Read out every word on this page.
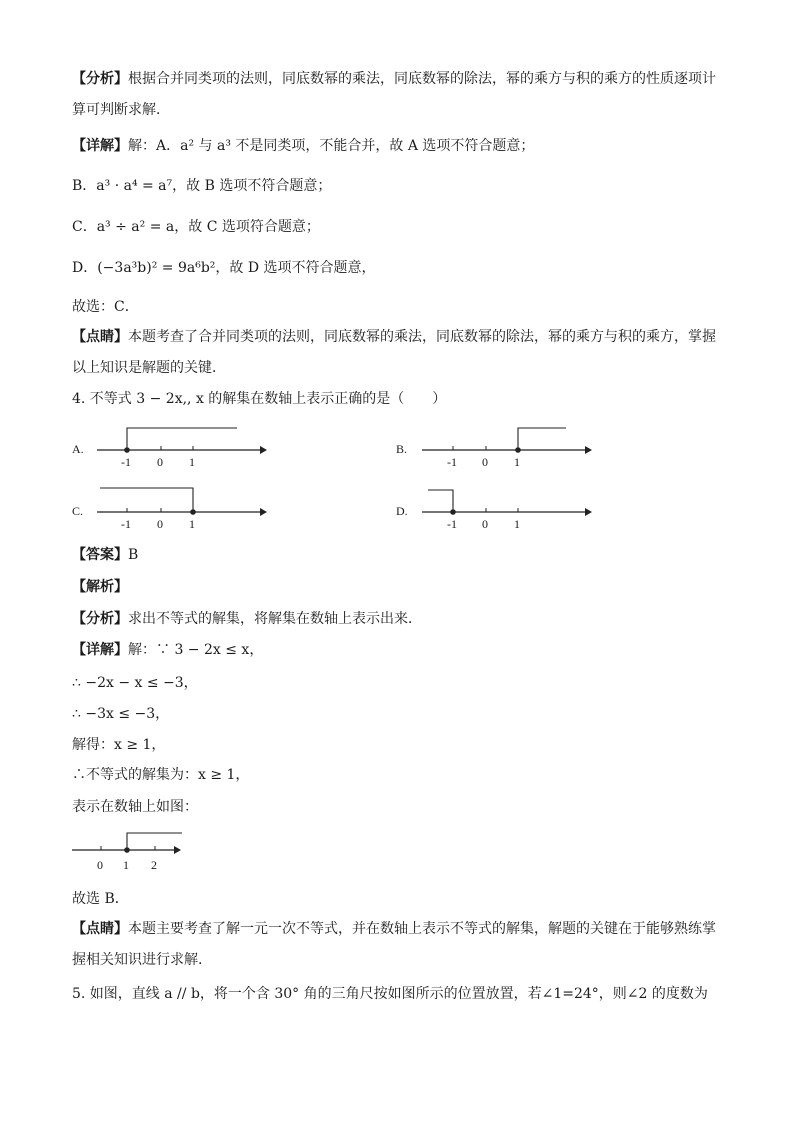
【分析】根据合并同类项的法则，同底数幂的乘法，同底数幂的除法，幂的乘方与积的乘方的性质逐项计算可判断求解．
【详解】解：A．a² 与 a³ 不是同类项，不能合并，故 A 选项不符合题意；
B．a³ · a⁴ = a⁷，故 B 选项不符合题意；
C．a³ ÷ a² = a，故 C 选项符合题意；
D．(−3a³b)² = 9a⁶b²，故 D 选项不符合题意，
故选：C．
【点睛】本题考查了合并同类项的法则，同底数幂的乘法，同底数幂的除法，幂的乘方与积的乘方，掌握以上知识是解题的关键．
4. 不等式 3 − 2x,, x 的解集在数轴上表示正确的是（　　）
A.
-1 0 1
B.
-1 0 1
C.
-1 0 1
D.
-1 0 1
【答案】B
【解析】
【分析】求出不等式的解集，将解集在数轴上表示出来．
【详解】解：∵ 3 − 2x ≤ x，
∴ −2x − x ≤ −3，
∴ −3x ≤ −3，
解得：x ≥ 1，
∴不等式的解集为：x ≥ 1，
表示在数轴上如图：
0 1 2
故选 B．
【点睛】本题主要考查了解一元一次不等式，并在数轴上表示不等式的解集，解题的关键在于能够熟练掌握相关知识进行求解.
5. 如图，直线 a // b，将一个含 30° 角的三角尺按如图所示的位置放置，若∠1=24°，则∠2 的度数为
